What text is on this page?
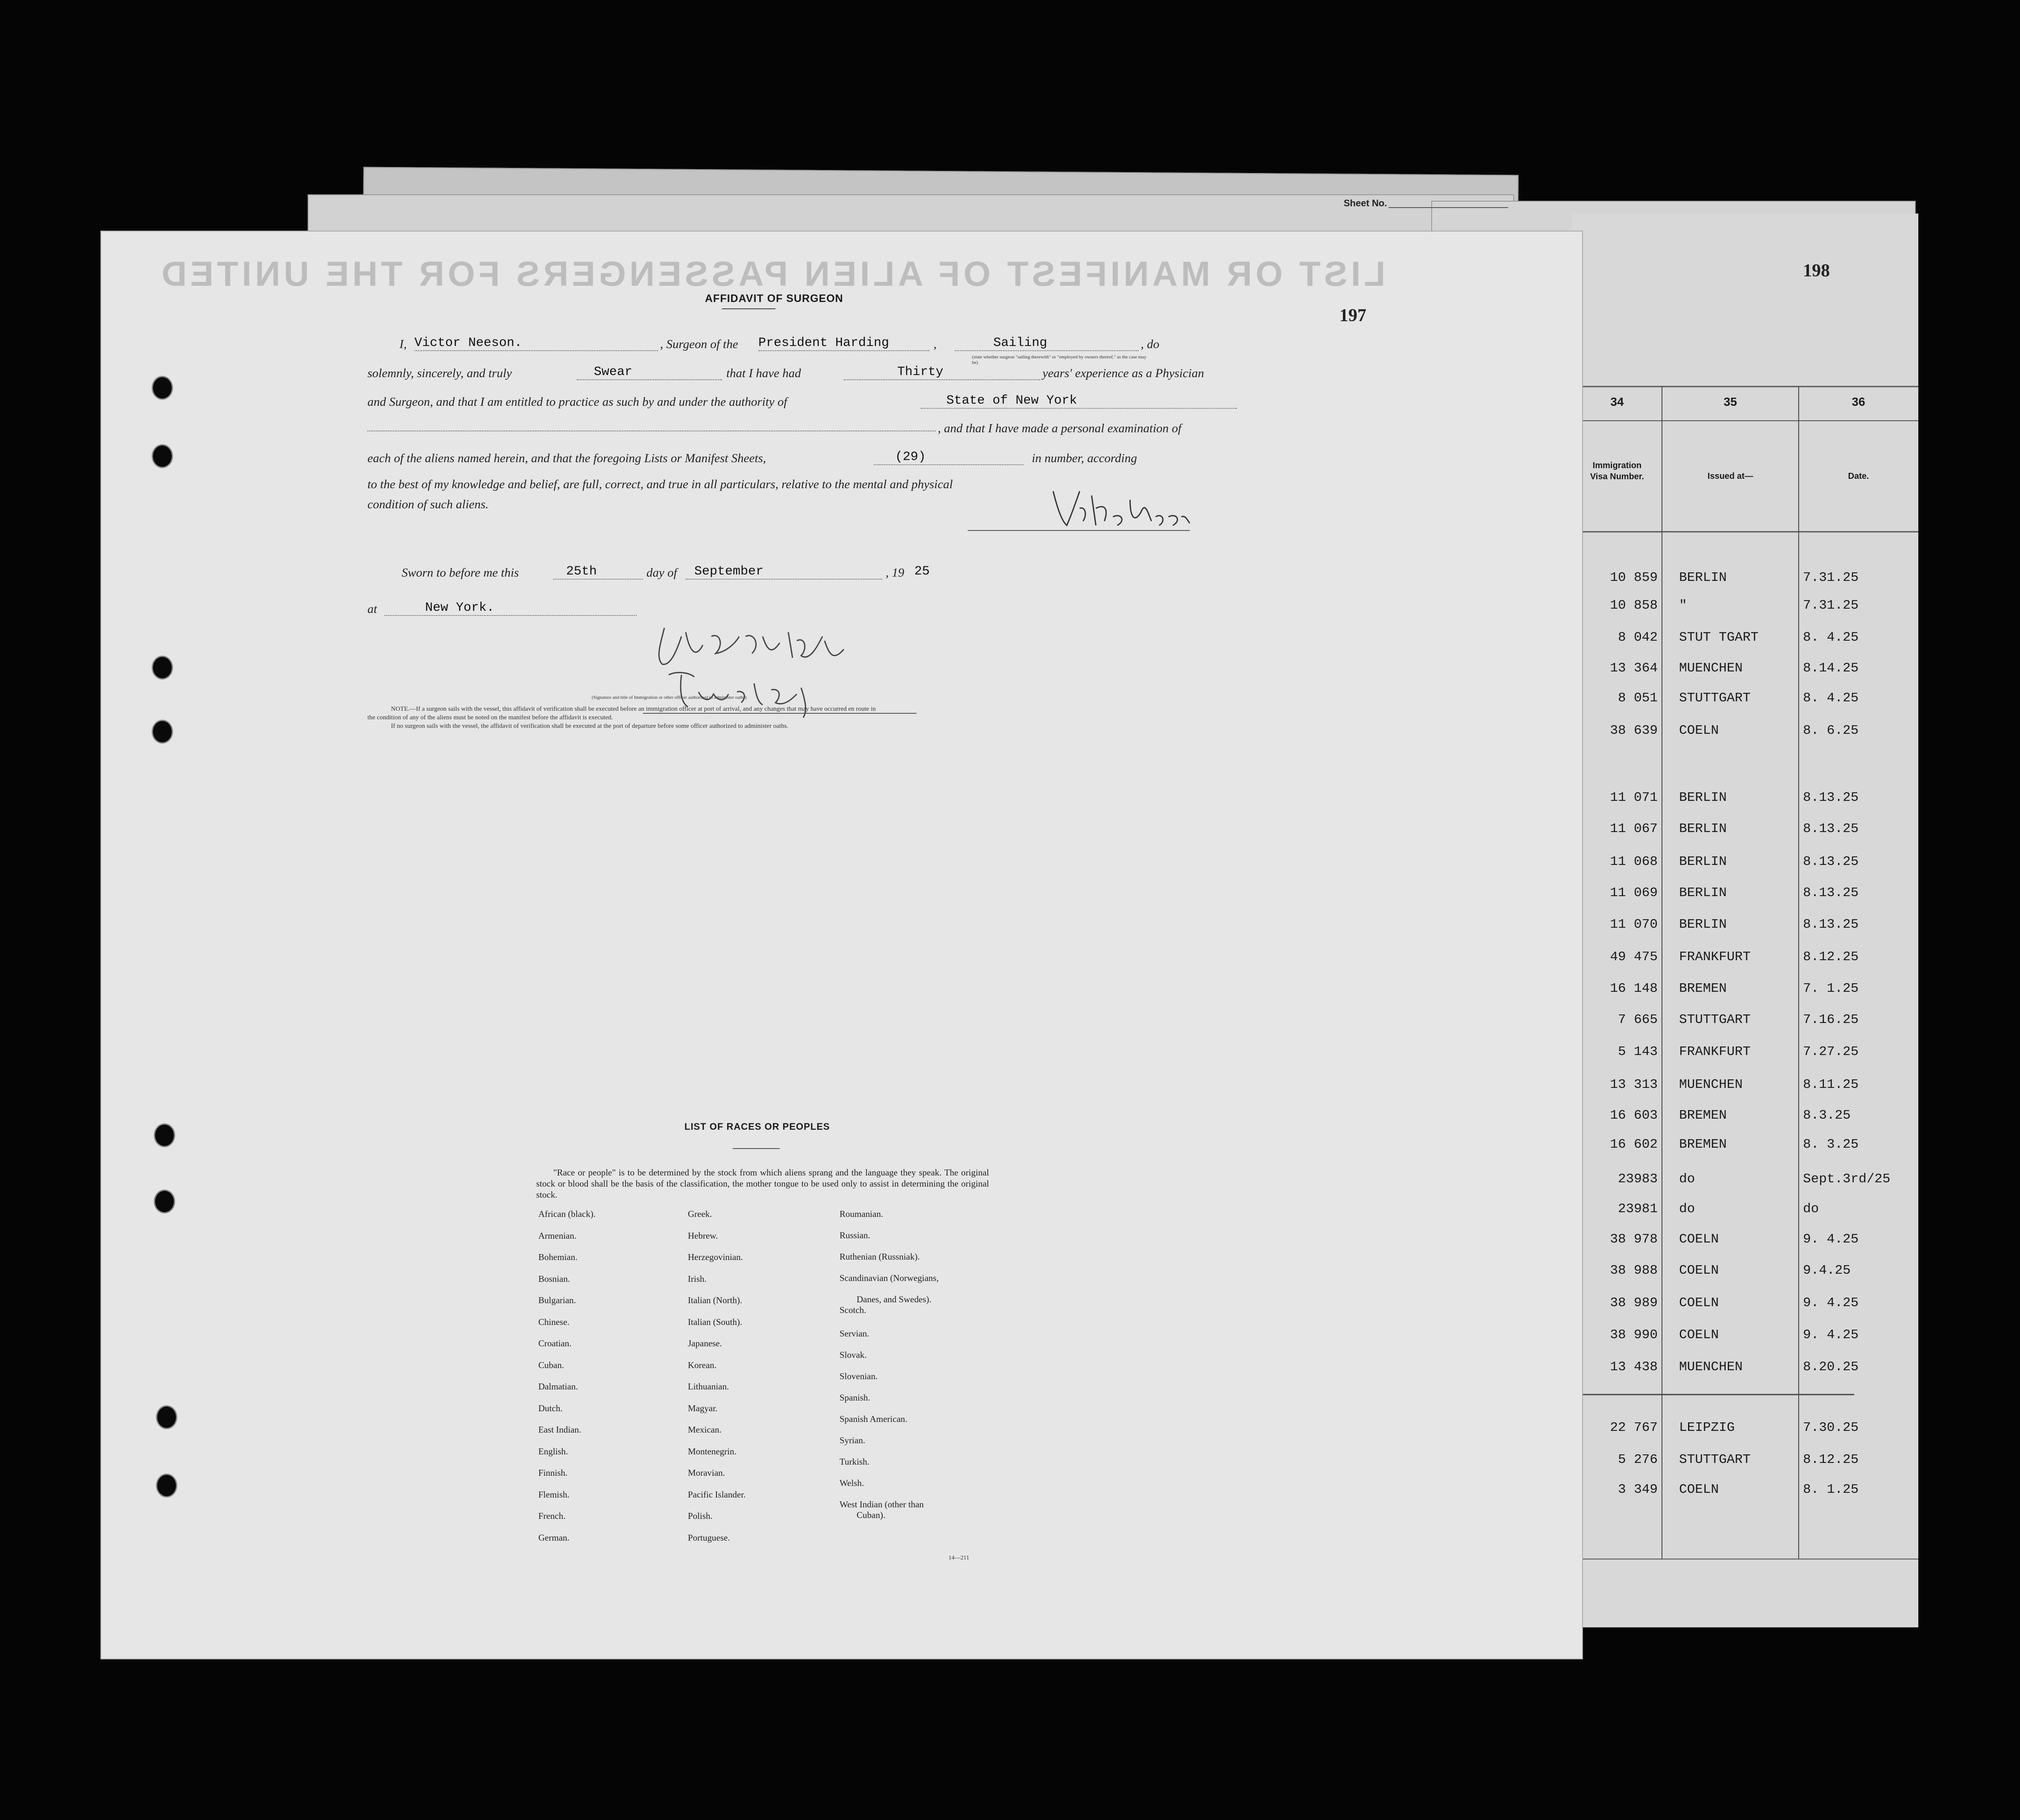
Sheet No.
198
34	35	36
Immigration Visa Number.	Issued at—	Date.
10 859 BERLIN	7.31.25
10 858 "	7.31.25
8 042 STUT TGART	8. 4.25
13 364 MUENCHEN	8.14.25
8 051 STUTTGART	8. 4.25
38 639 COELN	8. 6.25
11 071 BERLIN	8.13.25
11 067 BERLIN	8.13.25
11 068 BERLIN	8.13.25
11 069 BERLIN	8.13.25
11 070 BERLIN	8.13.25
49 475 FRANKFURT	8.12.25
16 148 BREMEN	7. 1.25
7 665 STUTTGART	7.16.25
5 143 FRANKFURT	7.27.25
13 313 MUENCHEN	8.11.25
16 603 BREMEN	8.3.25
16 602 BREMEN	8. 3.25
23983 do	Sept.3rd/25
23981 do	do
38 978 COELN	9. 4.25
38 988 COELN	9.4.25
38 989 COELN	9. 4.25
38 990 COELN	9. 4.25
13 438 MUENCHEN	8.20.25
22 767 LEIPZIG	7.30.25
5 276 STUTTGART	8.12.25
3 349 COELN	8. 1.25
LIST OR MANIFEST OF ALIEN PASSENGERS FOR THE UNITED
AFFIDAVIT OF SURGEON
197
I, Victor Neeson.	, Surgeon of the President Harding	,	Sailing	, do
(state whether surgeon "sailing therewith" or "employed by owners thereof," as the case may be)
solemnly, sincerely, and truly	Swear	that I have had	Thirty	years' experience as a Physician
and Surgeon, and that I am entitled to practice as such by and under the authority of	State of New York
, and that I have made a personal examination of
each of the aliens named herein, and that the foregoing Lists or Manifest Sheets,	(29)	in number, according
to the best of my knowledge and belief, are full, correct, and true in all particulars, relative to the mental and physical
condition of such aliens.
Sworn to before me this	25th	day of	September	, 19 25
at	New York.
(Signature and title of Immigration or other officer authorized to administer oaths)
NOTE.—If a surgeon sails with the vessel, this affidavit of verification shall be executed before an immigration officer at port of arrival, and any changes that may have occurred en route in
the condition of any of the aliens must be noted on the manifest before the affidavit is executed.
If no surgeon sails with the vessel, the affidavit of verification shall be executed at the port of departure before some officer authorized to administer oaths.
LIST OF RACES OR PEOPLES
"Race or people" is to be determined by the stock from which aliens sprang and the language they speak. The original stock or blood shall be the basis of the classification, the mother tongue to be used only to assist in determining the original stock.
African (black).
Armenian.
Bohemian.
Bosnian.
Bulgarian.
Chinese.
Croatian.
Cuban.
Dalmatian.
Dutch.
East Indian.
English.
Finnish.
Flemish.
French.
German.
Greek.
Hebrew.
Herzegovinian.
Irish.
Italian (North).
Italian (South).
Japanese.
Korean.
Lithuanian.
Magyar.
Mexican.
Montenegrin.
Moravian.
Pacific Islander.
Polish.
Portuguese.
Roumanian.
Russian.
Ruthenian (Russniak).
Scandinavian (Norwegians,
Danes, and Swedes).
Scotch.
Servian.
Slovak.
Slovenian.
Spanish.
Spanish American.
Syrian.
Turkish.
Welsh.
West Indian (other than
Cuban).
14—211
